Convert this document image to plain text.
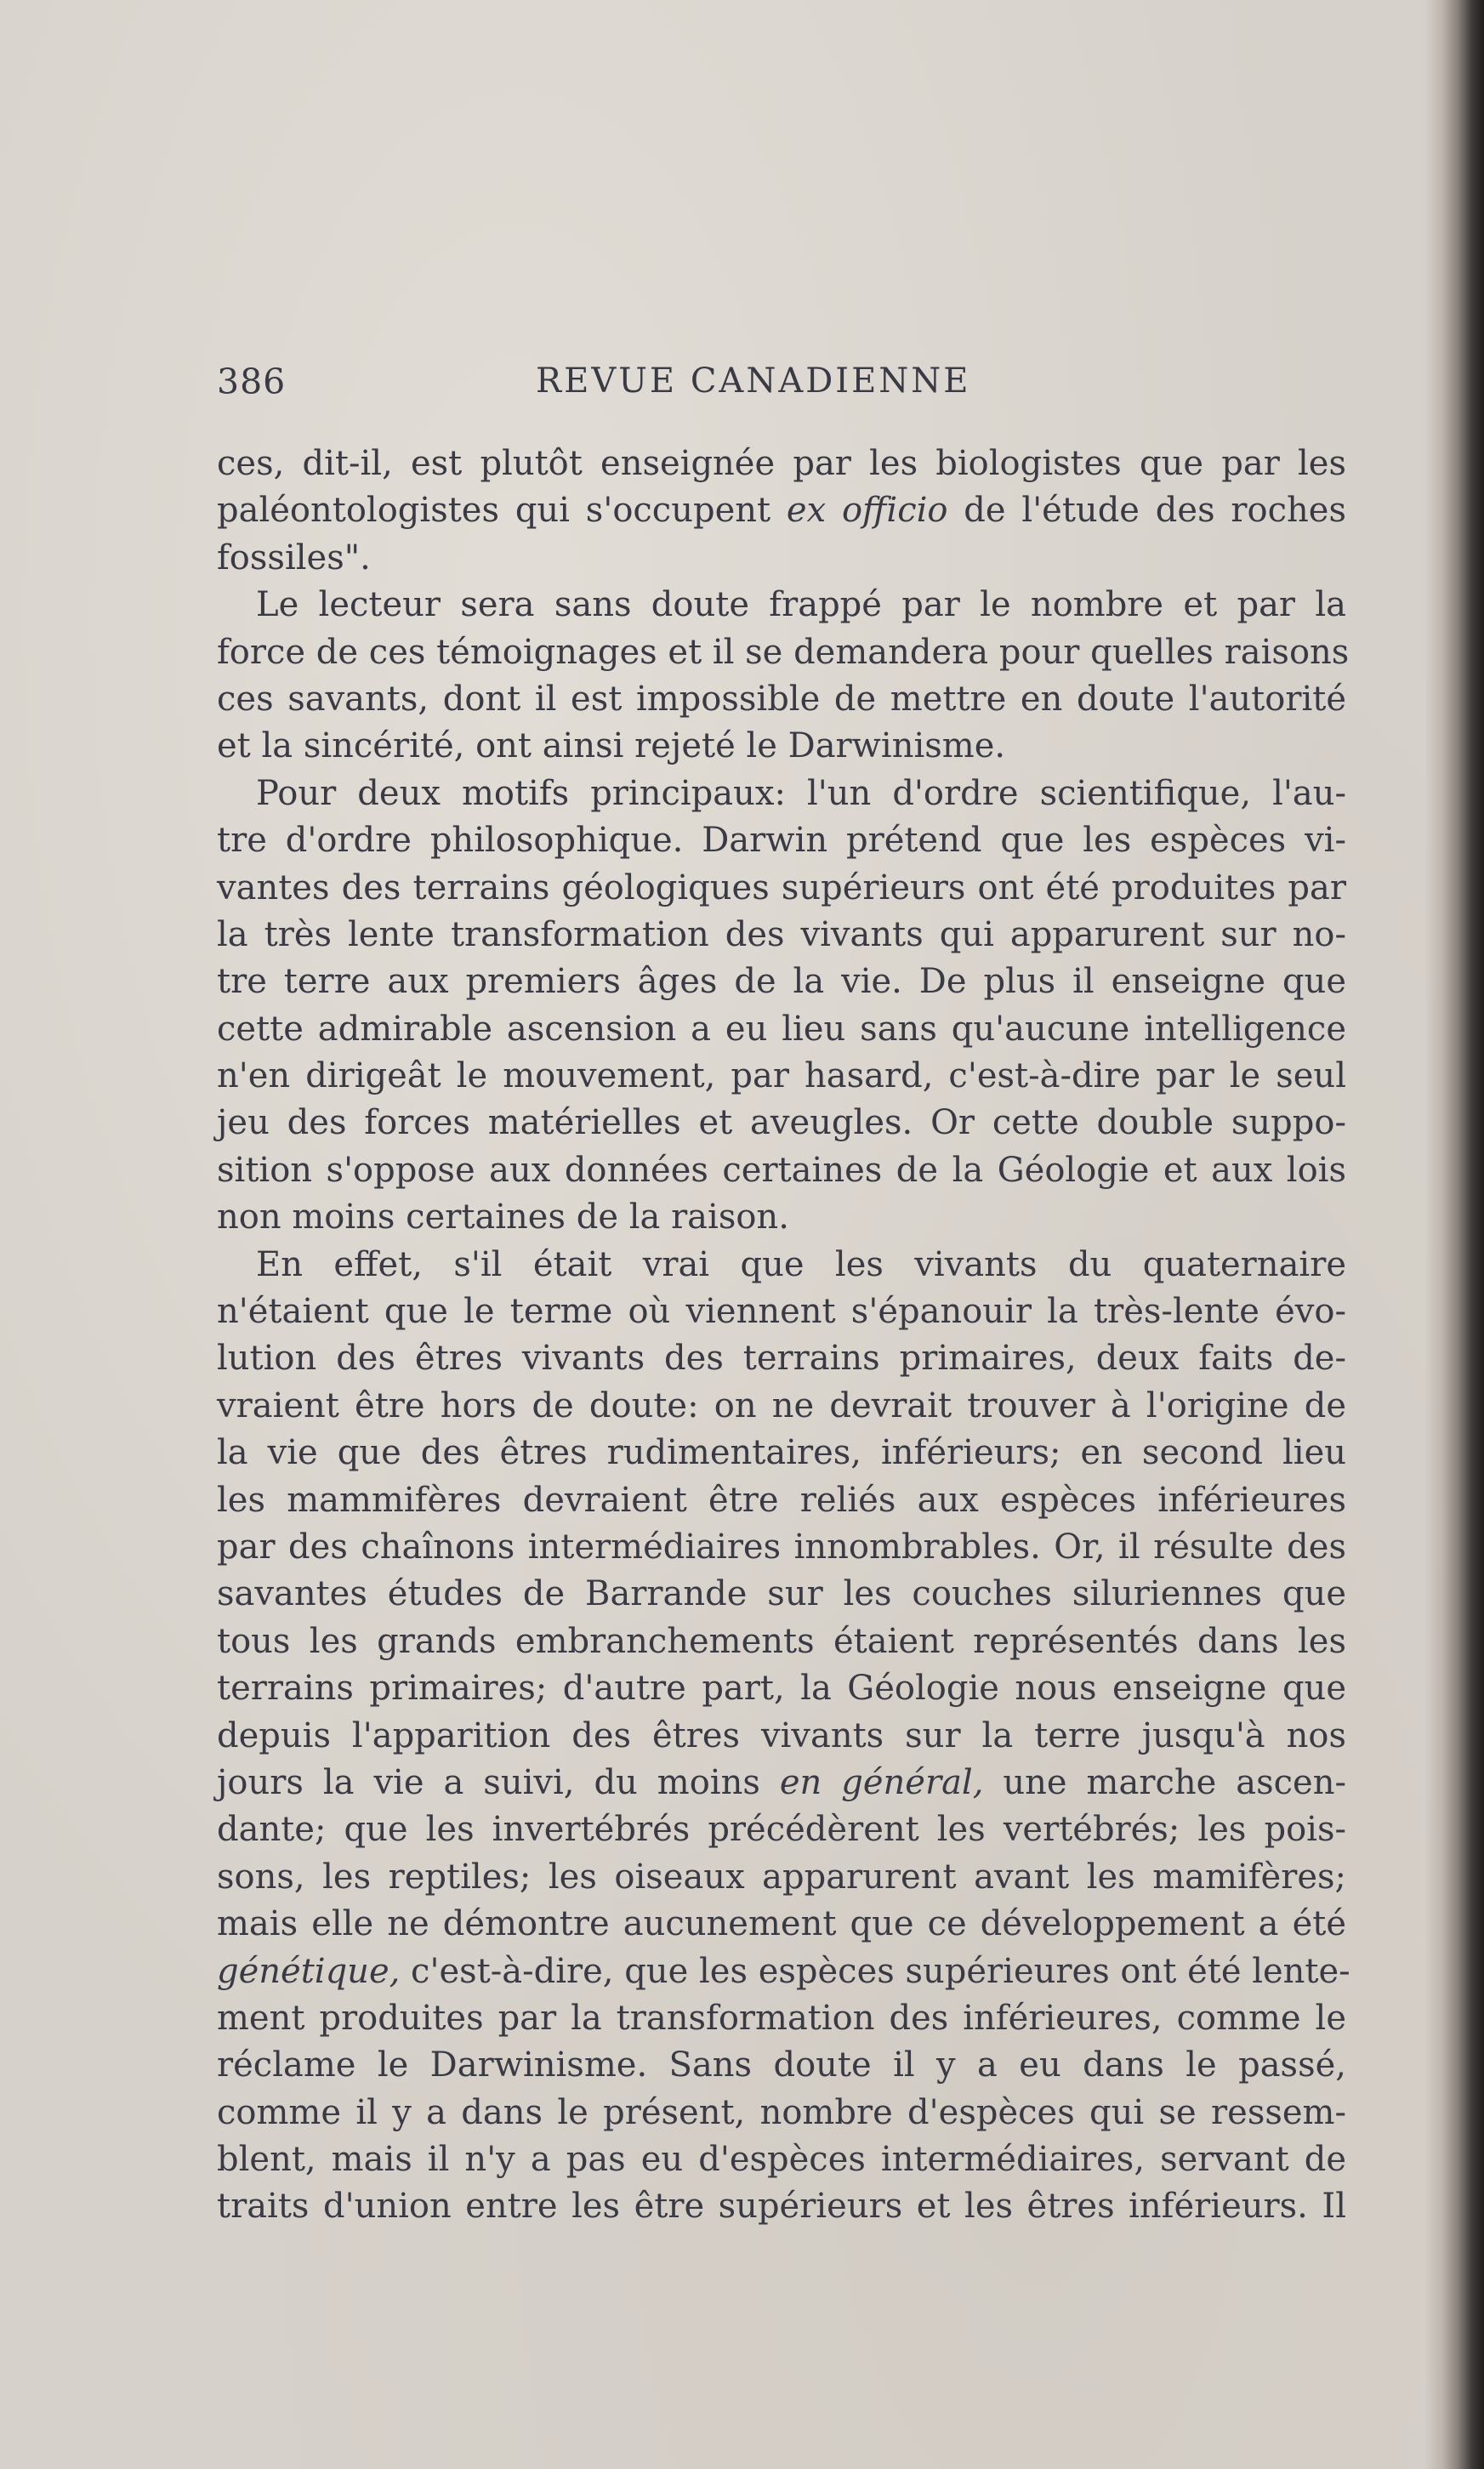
386	REVUE CANADIENNE
ces, dit-il, est plutôt enseignée par les biologistes que par les
paléontologistes qui s'occupent ex officio de l'étude des roches
fossiles".
Le lecteur sera sans doute frappé par le nombre et par la
force de ces témoignages et il se demandera pour quelles raisons
ces savants, dont il est impossible de mettre en doute l'autorité
et la sincérité, ont ainsi rejeté le Darwinisme.
Pour deux motifs principaux: l'un d'ordre scientifique, l'au-
tre d'ordre philosophique. Darwin prétend que les espèces vi-
vantes des terrains géologiques supérieurs ont été produites par
la très lente transformation des vivants qui apparurent sur no-
tre terre aux premiers âges de la vie. De plus il enseigne que
cette admirable ascension a eu lieu sans qu'aucune intelligence
n'en dirigeât le mouvement, par hasard, c'est-à-dire par le seul
jeu des forces matérielles et aveugles. Or cette double suppo-
sition s'oppose aux données certaines de la Géologie et aux lois
non moins certaines de la raison.
En effet, s'il était vrai que les vivants du quaternaire
n'étaient que le terme où viennent s'épanouir la très-lente évo-
lution des êtres vivants des terrains primaires, deux faits de-
vraient être hors de doute: on ne devrait trouver à l'origine de
la vie que des êtres rudimentaires, inférieurs; en second lieu
les mammifères devraient être reliés aux espèces inférieures
par des chaînons intermédiaires innombrables. Or, il résulte des
savantes études de Barrande sur les couches siluriennes que
tous les grands embranchements étaient représentés dans les
terrains primaires; d'autre part, la Géologie nous enseigne que
depuis l'apparition des êtres vivants sur la terre jusqu'à nos
jours la vie a suivi, du moins en général, une marche ascen-
dante; que les invertébrés précédèrent les vertébrés; les pois-
sons, les reptiles; les oiseaux apparurent avant les mamifères;
mais elle ne démontre aucunement que ce développement a été
génétique, c'est-à-dire, que les espèces supérieures ont été lente-
ment produites par la transformation des inférieures, comme le
réclame le Darwinisme. Sans doute il y a eu dans le passé,
comme il y a dans le présent, nombre d'espèces qui se ressem-
blent, mais il n'y a pas eu d'espèces intermédiaires, servant de
traits d'union entre les être supérieurs et les êtres inférieurs. Il
